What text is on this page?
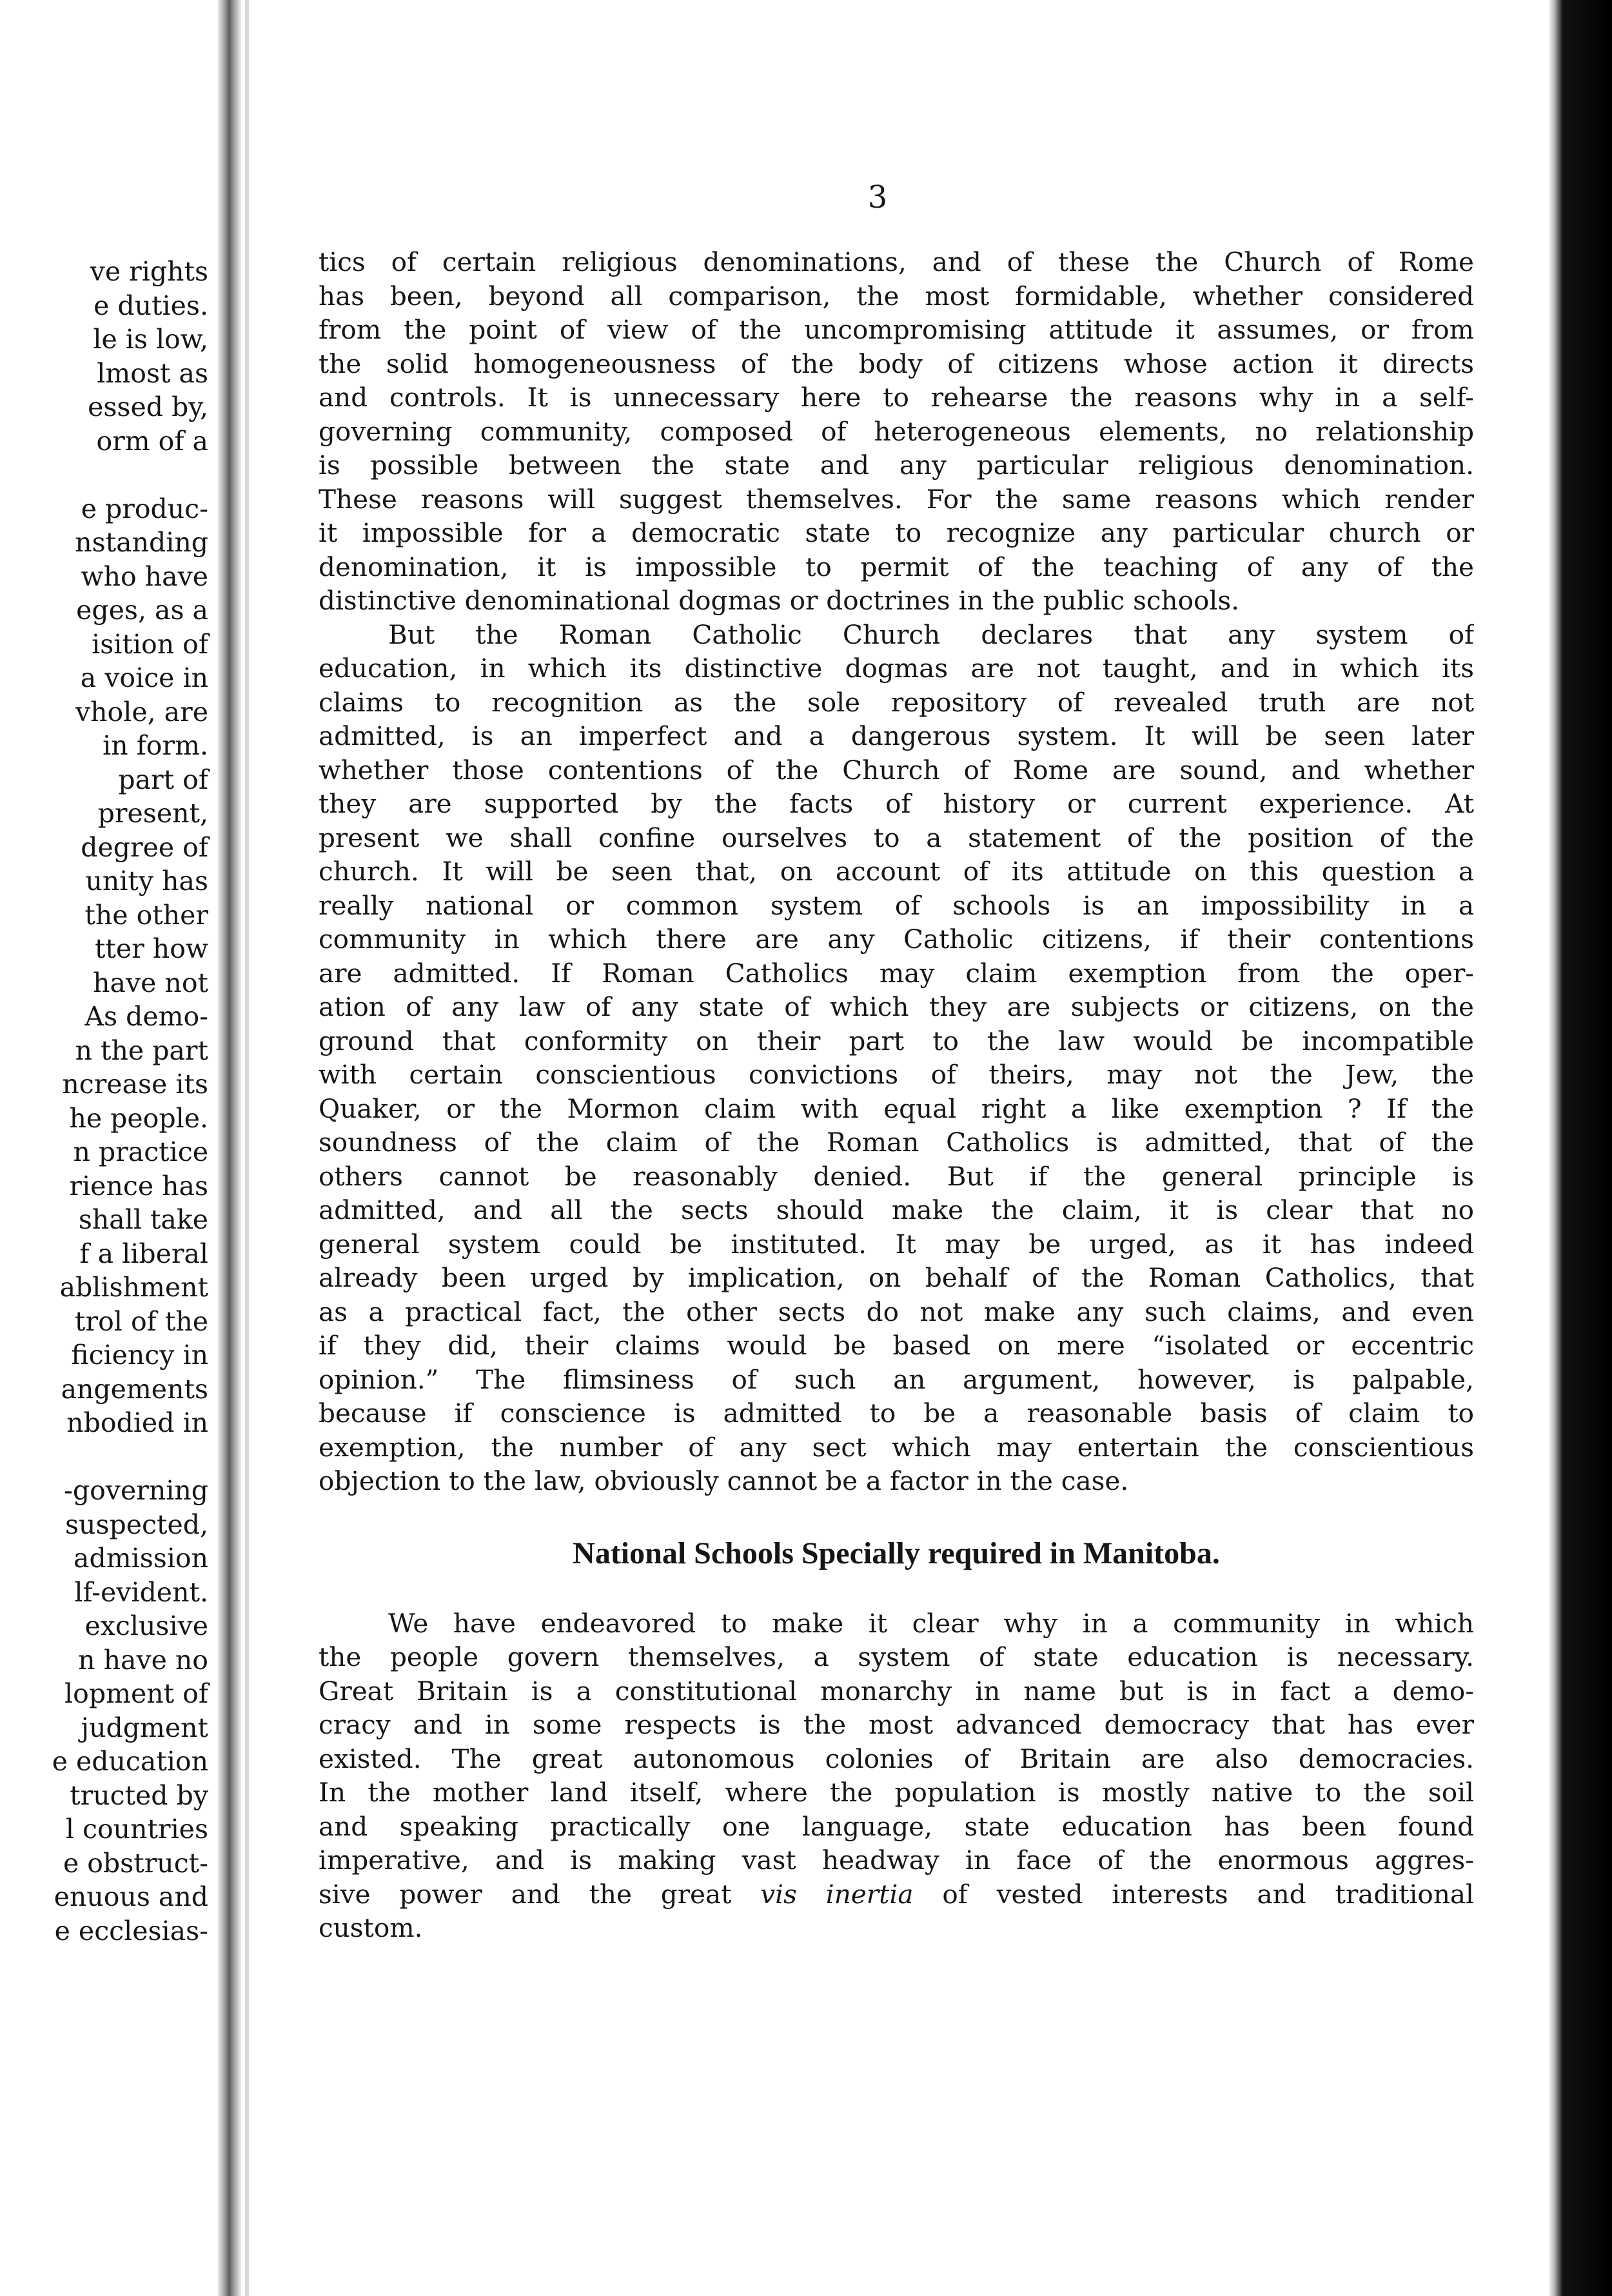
ve rights
e duties.
le is low,
lmost as
essed by,
orm of a
e produc-
nstanding
who have
eges, as a
isition of
a voice in
vhole, are
in form.
part of
present,
degree of
unity has
the other
tter how
have not
As demo-
n the part
ncrease its
he people.
n practice
rience has
shall take
f a liberal
ablishment
trol of the
ficiency in
angements
nbodied in
-governing
suspected,
admission
lf-evident.
exclusive
n have no
lopment of
judgment
e education
tructed by
l countries
e obstruct-
enuous and
e ecclesias-
3
tics of certain religious denominations, and of these the Church of Rome
has been, beyond all comparison, the most formidable, whether considered
from the point of view of the uncompromising attitude it assumes, or from
the solid homogeneousness of the body of citizens whose action it directs
and controls. It is unnecessary here to rehearse the reasons why in a self-
governing community, composed of heterogeneous elements, no relationship
is possible between the state and any particular religious denomination.
These reasons will suggest themselves. For the same reasons which render
it impossible for a democratic state to recognize any particular church or
denomination, it is impossible to permit of the teaching of any of the
distinctive denominational dogmas or doctrines in the public schools.
But the Roman Catholic Church declares that any system of
education, in which its distinctive dogmas are not taught, and in which its
claims to recognition as the sole repository of revealed truth are not
admitted, is an imperfect and a dangerous system. It will be seen later
whether those contentions of the Church of Rome are sound, and whether
they are supported by the facts of history or current experience. At
present we shall confine ourselves to a statement of the position of the
church. It will be seen that, on account of its attitude on this question a
really national or common system of schools is an impossibility in a
community in which there are any Catholic citizens, if their contentions
are admitted. If Roman Catholics may claim exemption from the oper-
ation of any law of any state of which they are subjects or citizens, on the
ground that conformity on their part to the law would be incompatible
with certain conscientious convictions of theirs, may not the Jew, the
Quaker, or the Mormon claim with equal right a like exemption ? If the
soundness of the claim of the Roman Catholics is admitted, that of the
others cannot be reasonably denied. But if the general principle is
admitted, and all the sects should make the claim, it is clear that no
general system could be instituted. It may be urged, as it has indeed
already been urged by implication, on behalf of the Roman Catholics, that
as a practical fact, the other sects do not make any such claims, and even
if they did, their claims would be based on mere “isolated or eccentric
opinion.” The flimsiness of such an argument, however, is palpable,
because if conscience is admitted to be a reasonable basis of claim to
exemption, the number of any sect which may entertain the conscientious
objection to the law, obviously cannot be a factor in the case.
National Schools Specially required in Manitoba.
We have endeavored to make it clear why in a community in which
the people govern themselves, a system of state education is necessary.
Great Britain is a constitutional monarchy in name but is in fact a demo-
cracy and in some respects is the most advanced democracy that has ever
existed. The great autonomous colonies of Britain are also democracies.
In the mother land itself, where the population is mostly native to the soil
and speaking practically one language, state education has been found
imperative, and is making vast headway in face of the enormous aggres-
sive power and the great vis inertia of vested interests and traditional
custom.
